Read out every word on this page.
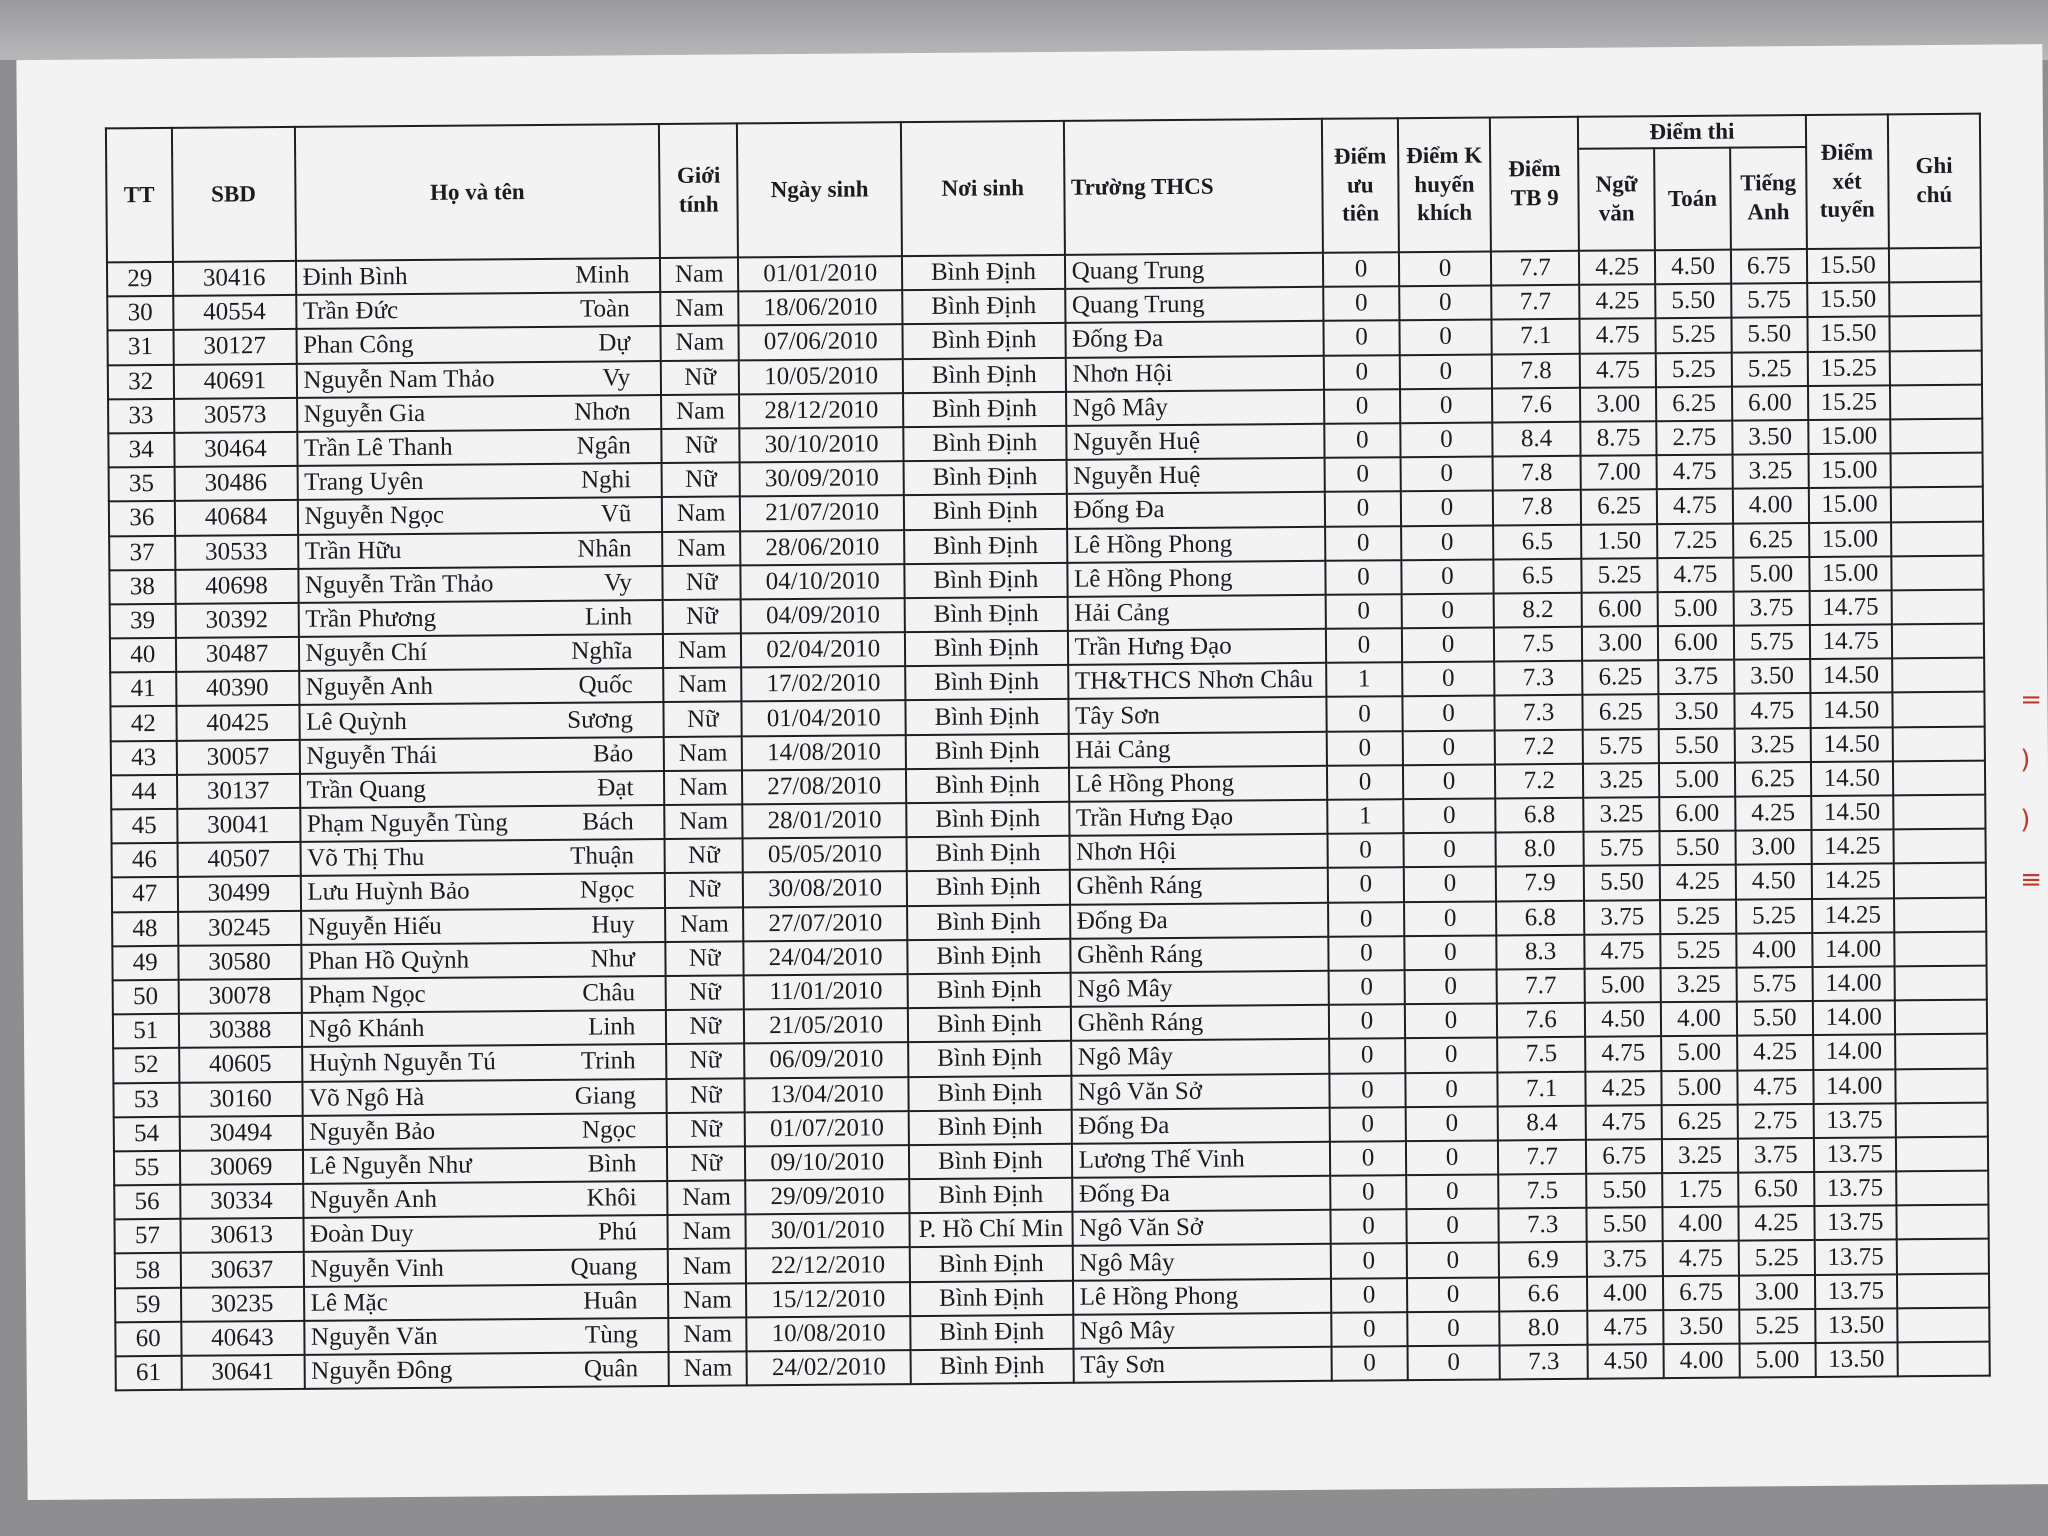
TT	SBD	Họ và tên	Giới tính	Ngày sinh	Nơi sinh	Trường THCS	Điểm ưu tiên	Điểm Khuyến khích	Điểm TB 9	Điểm thi			Điểm xét tuyển	Ghi chú
										Ngữ văn	Toán	Tiếng Anh		
29	30416	Đinh Bình Minh	Nam	01/01/2010	Bình Định	Quang Trung	0	0	7.7	4.25	4.50	6.75	15.50	
30	40554	Trần Đức Toàn	Nam	18/06/2010	Bình Định	Quang Trung	0	0	7.7	4.25	5.50	5.75	15.50	
31	30127	Phan Công Dự	Nam	07/06/2010	Bình Định	Đống Đa	0	0	7.1	4.75	5.25	5.50	15.50	
32	40691	Nguyễn Nam Thảo Vy	Nữ	10/05/2010	Bình Định	Nhơn Hội	0	0	7.8	4.75	5.25	5.25	15.25	
33	30573	Nguyễn Gia Nhơn	Nam	28/12/2010	Bình Định	Ngô Mây	0	0	7.6	3.00	6.25	6.00	15.25	
34	30464	Trần Lê Thanh Ngân	Nữ	30/10/2010	Bình Định	Nguyễn Huệ	0	0	8.4	8.75	2.75	3.50	15.00	
35	30486	Trang Uyên Nghi	Nữ	30/09/2010	Bình Định	Nguyễn Huệ	0	0	7.8	7.00	4.75	3.25	15.00	
36	40684	Nguyễn Ngọc Vũ	Nam	21/07/2010	Bình Định	Đống Đa	0	0	7.8	6.25	4.75	4.00	15.00	
37	30533	Trần Hữu Nhân	Nam	28/06/2010	Bình Định	Lê Hồng Phong	0	0	6.5	1.50	7.25	6.25	15.00	
38	40698	Nguyễn Trần Thảo Vy	Nữ	04/10/2010	Bình Định	Lê Hồng Phong	0	0	6.5	5.25	4.75	5.00	15.00	
39	30392	Trần Phương Linh	Nữ	04/09/2010	Bình Định	Hải Cảng	0	0	8.2	6.00	5.00	3.75	14.75	
40	30487	Nguyễn Chí Nghĩa	Nam	02/04/2010	Bình Định	Trần Hưng Đạo	0	0	7.5	3.00	6.00	5.75	14.75	
41	40390	Nguyễn Anh Quốc	Nam	17/02/2010	Bình Định	TH&THCS Nhơn Châu	1	0	7.3	6.25	3.75	3.50	14.50	
42	40425	Lê Quỳnh Sương	Nữ	01/04/2010	Bình Định	Tây Sơn	0	0	7.3	6.25	3.50	4.75	14.50	
43	30057	Nguyễn Thái Bảo	Nam	14/08/2010	Bình Định	Hải Cảng	0	0	7.2	5.75	5.50	3.25	14.50	
44	30137	Trần Quang Đạt	Nam	27/08/2010	Bình Định	Lê Hồng Phong	0	0	7.2	3.25	5.00	6.25	14.50	
45	30041	Phạm Nguyễn Tùng Bách	Nam	28/01/2010	Bình Định	Trần Hưng Đạo	1	0	6.8	3.25	6.00	4.25	14.50	
46	40507	Võ Thị Thu Thuận	Nữ	05/05/2010	Bình Định	Nhơn Hội	0	0	8.0	5.75	5.50	3.00	14.25	
47	30499	Lưu Huỳnh Bảo Ngọc	Nữ	30/08/2010	Bình Định	Ghềnh Ráng	0	0	7.9	5.50	4.25	4.50	14.25	
48	30245	Nguyễn Hiếu Huy	Nam	27/07/2010	Bình Định	Đống Đa	0	0	6.8	3.75	5.25	5.25	14.25	
49	30580	Phan Hồ Quỳnh Như	Nữ	24/04/2010	Bình Định	Ghềnh Ráng	0	0	8.3	4.75	5.25	4.00	14.00	
50	30078	Phạm Ngọc Châu	Nữ	11/01/2010	Bình Định	Ngô Mây	0	0	7.7	5.00	3.25	5.75	14.00	
51	30388	Ngô Khánh Linh	Nữ	21/05/2010	Bình Định	Ghềnh Ráng	0	0	7.6	4.50	4.00	5.50	14.00	
52	40605	Huỳnh Nguyễn Tú Trinh	Nữ	06/09/2010	Bình Định	Ngô Mây	0	0	7.5	4.75	5.00	4.25	14.00	
53	30160	Võ Ngô Hà Giang	Nữ	13/04/2010	Bình Định	Ngô Văn Sở	0	0	7.1	4.25	5.00	4.75	14.00	
54	30494	Nguyễn Bảo Ngọc	Nữ	01/07/2010	Bình Định	Đống Đa	0	0	8.4	4.75	6.25	2.75	13.75	
55	30069	Lê Nguyễn Như Bình	Nữ	09/10/2010	Bình Định	Lương Thế Vinh	0	0	7.7	6.75	3.25	3.75	13.75	
56	30334	Nguyễn Anh Khôi	Nam	29/09/2010	Bình Định	Đống Đa	0	0	7.5	5.50	1.75	6.50	13.75	
57	30613	Đoàn Duy Phú	Nam	30/01/2010	P. Hồ Chí Min	Ngô Văn Sở	0	0	7.3	5.50	4.00	4.25	13.75	
58	30637	Nguyễn Vinh Quang	Nam	22/12/2010	Bình Định	Ngô Mây	0	0	6.9	3.75	4.75	5.25	13.75	
59	30235	Lê Mặc Huân	Nam	15/12/2010	Bình Định	Lê Hồng Phong	0	0	6.6	4.00	6.75	3.00	13.75	
60	40643	Nguyễn Văn Tùng	Nam	10/08/2010	Bình Định	Ngô Mây	0	0	8.0	4.75	3.50	5.25	13.50	
61	30641	Nguyễn Đông Quân	Nam	24/02/2010	Bình Định	Tây Sơn	0	0	7.3	4.50	4.00	5.00	13.50	
=
)
)
≡
